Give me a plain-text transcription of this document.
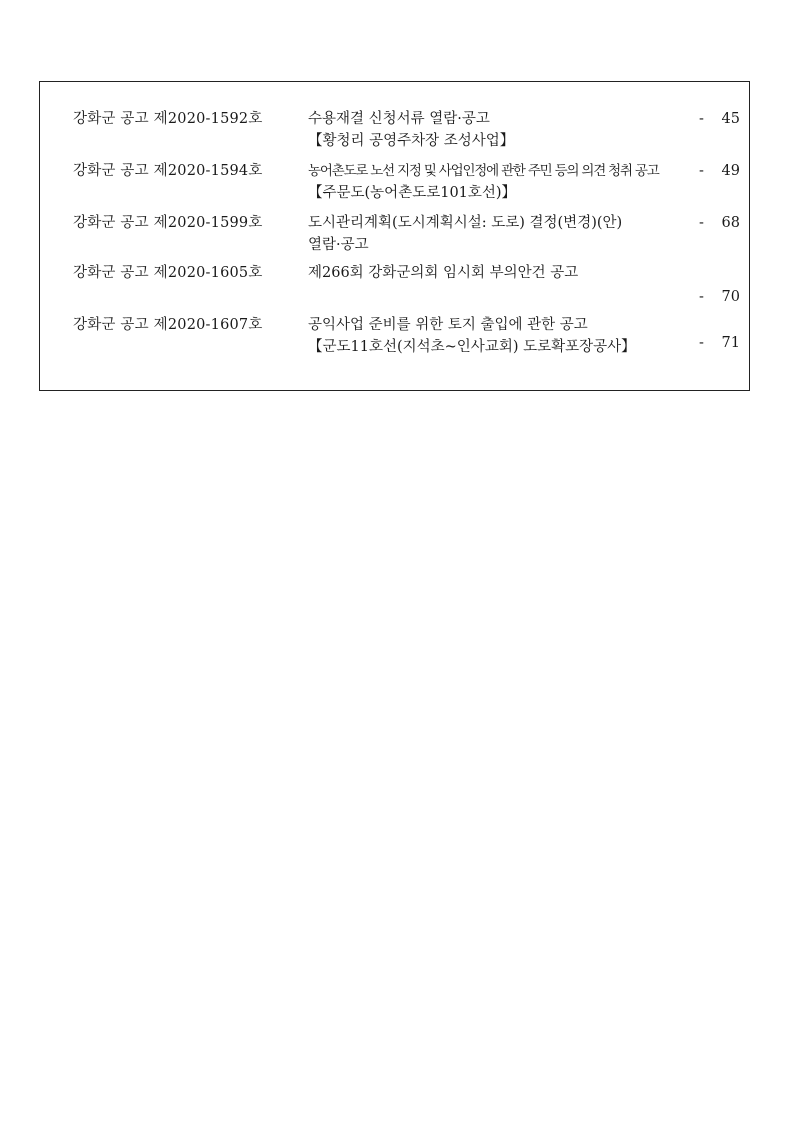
강화군 공고 제2020-1592호	수용재결 신청서류 열람·공고
【황청리 공영주차장 조성사업】
- 45
강화군 공고 제2020-1594호	농어촌도로 노선 지정 및 사업인정에 관한 주민 등의 의견 청취 공고
【주문도(농어촌도로101호선)】
- 49
강화군 공고 제2020-1599호	도시관리계획(도시계획시설: 도로) 결정(변경)(안)
열람·공고
- 68
강화군 공고 제2020-1605호	제266회 강화군의회 임시회 부의안건 공고
- 70
강화군 공고 제2020-1607호	공익사업 준비를 위한 토지 출입에 관한 공고
【군도11호선(지석초~인사교회) 도로확포장공사】	- 71
